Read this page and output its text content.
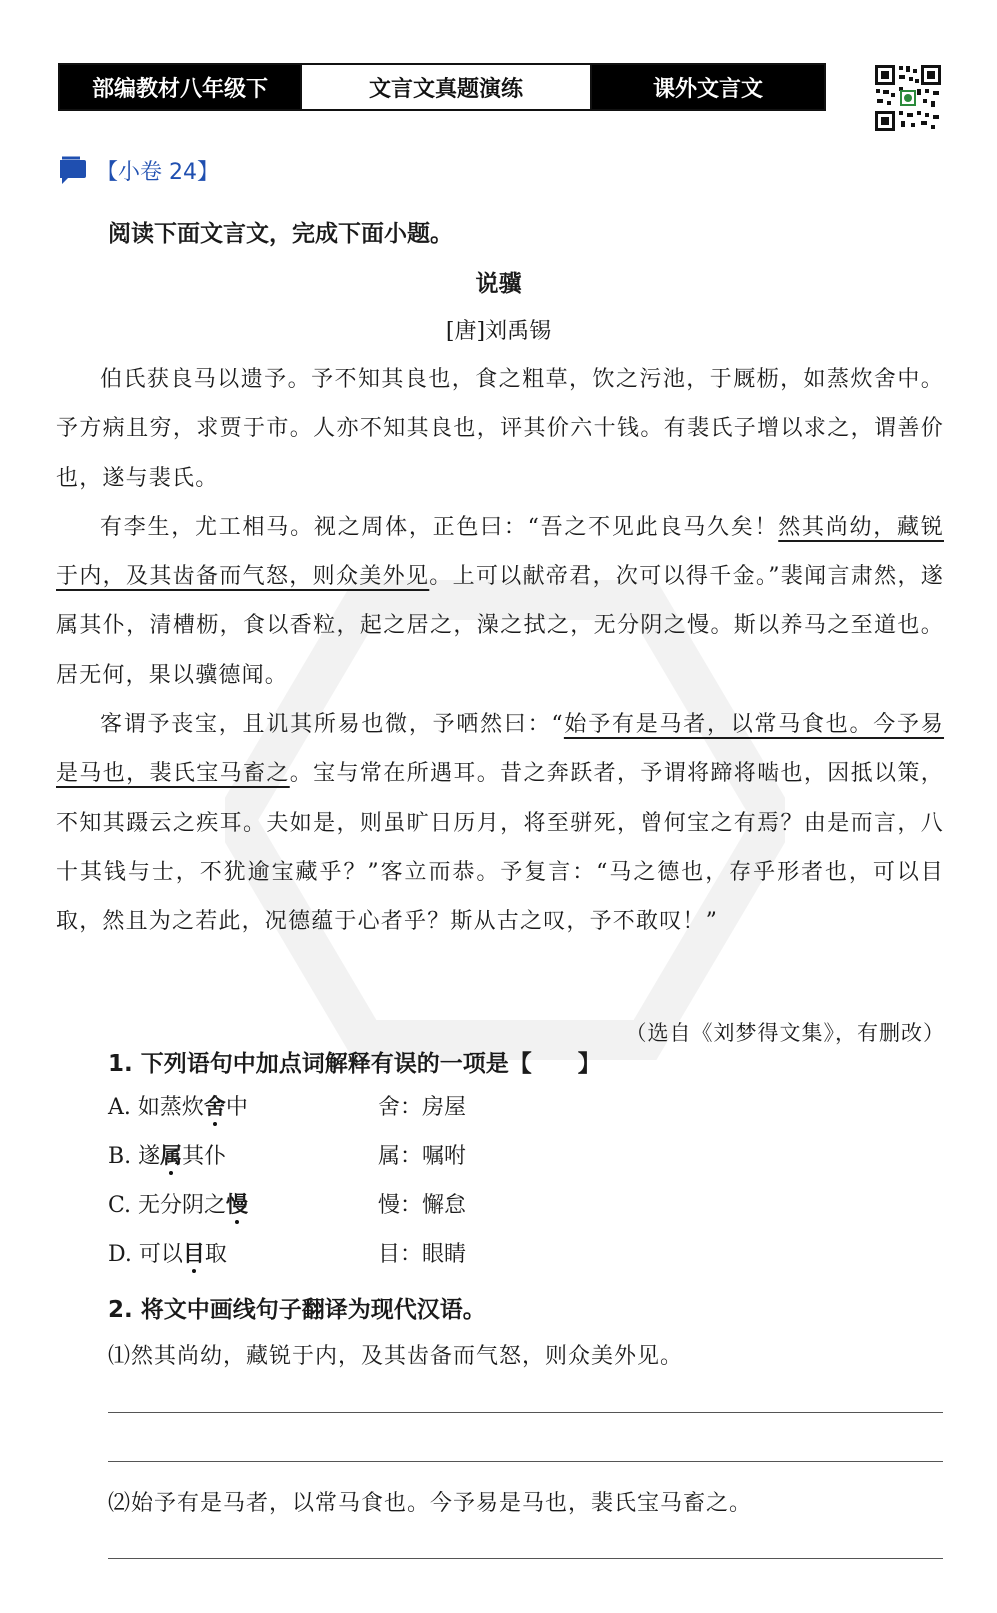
部编教材八年级下	文言文真题演练	课外文言文
【小卷 24】
阅读下面文言文，完成下面小题。
说骥
[唐]刘禹锡

伯氏获良马以遗予。予不知其良也，食之粗草，饮之污池，于厩枥，如蒸炊舍中。予方病且穷，求贾于市。人亦不知其良也，评其价六十钱。有裴氏子增以求之，谓善价也，遂与裴氏。

有李生，尤工相马。视之周体，正色曰：“吾之不见此良马久矣！然其尚幼，藏锐于内，及其齿备而气怒，则众美外见。上可以献帝君，次可以得千金。”裴闻言肃然，遂属其仆，清槽枥，食以香粒，起之居之，澡之拭之，无分阴之慢。斯以养马之至道也。居无何，果以骥德闻。

客谓予丧宝，且讥其所易也微，予哂然曰：“始予有是马者，以常马食也。今予易是马也，裴氏宝马畜之。宝与常在所遇耳。昔之奔跃者，予谓将蹄将啮也，因抵以策，不知其蹑云之疾耳。夫如是，则虽旷日历月，将至骈死，曾何宝之有焉？由是而言，八十其钱与士，不犹逾宝藏乎？”客立而恭。予复言：“马之德也，存乎形者也，可以目取，然且为之若此，况德蕴于心者乎？斯从古之叹，予不敢叹！”

（选自《刘梦得文集》，有删改）
1. 下列语句中加点词解释有误的一项是【　　】
A. 如蒸炊舍中	舍：房屋
B. 遂属其仆	属：嘱咐
C. 无分阴之慢	慢：懈怠
D. 可以目取	目：眼睛
2. 将文中画线句子翻译为现代汉语。
⑴然其尚幼，藏锐于内，及其齿备而气怒，则众美外见。
⑵始予有是马者，以常马食也。今予易是马也，裴氏宝马畜之。
